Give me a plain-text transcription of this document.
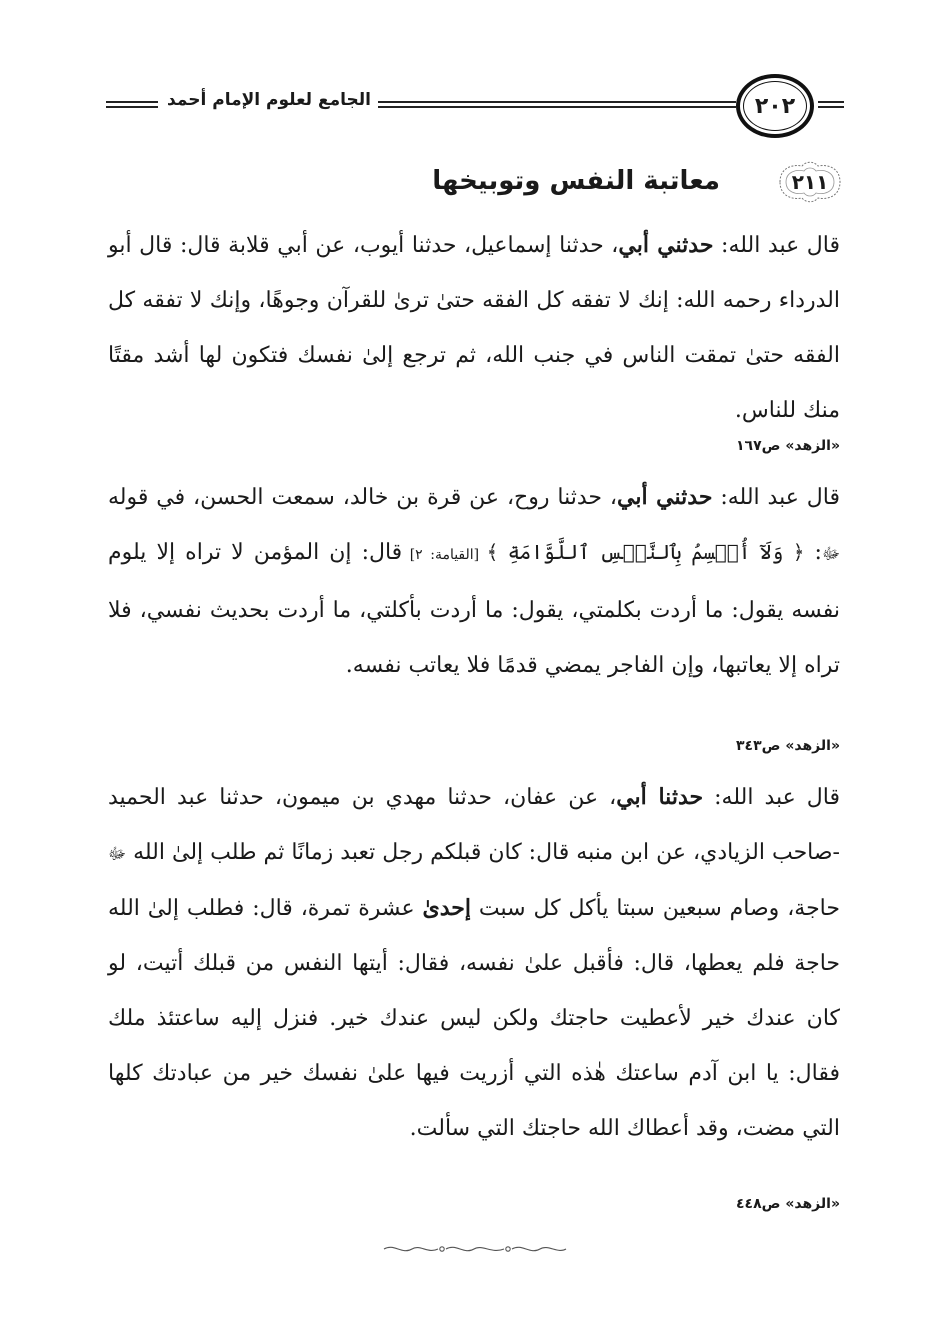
الجامع لعلوم الإمام أحمد	٢٠٢
معاتبة النفس وتوبيخها	٢١١
قال عبد الله: حدثني أبي، حدثنا إسماعيل، حدثنا أيوب، عن أبي قلابة قال: قال أبو الدرداء رحمه الله: إنك لا تفقه كل الفقه حتىٰ ترىٰ للقرآن وجوهًا، وإنك لا تفقه كل الفقه حتىٰ تمقت الناس في جنب الله، ثم ترجع إلىٰ نفسك فتكون لها أشد مقتًا منك للناس.
«الزهد» ص١٦٧
قال عبد الله: حدثني أبي، حدثنا روح، عن قرة بن خالد، سمعت الحسن، في قوله ﷻ: ﴿ وَلَآ أُقۡسِمُ بِٱلنَّفۡسِ ٱللَّوَّامَةِ ﴾ [القيامة: ٢] قال: إن المؤمن لا تراه إلا يلوم نفسه يقول: ما أردت بكلمتي، يقول: ما أردت بأكلتي، ما أردت بحديث نفسي، فلا تراه إلا يعاتبها، وإن الفاجر يمضي قدمًا فلا يعاتب نفسه.
«الزهد» ص٣٤٣
قال عبد الله: حدثنا أبي، عن عفان، حدثنا مهدي بن ميمون، حدثنا عبد الحميد -صاحب الزيادي، عن ابن منبه قال: كان قبلكم رجل تعبد زمانًا ثم طلب إلىٰ الله ﷻ حاجة، وصام سبعين سبتا يأكل كل سبت إحدىٰ عشرة تمرة، قال: فطلب إلىٰ الله حاجة فلم يعطها، قال: فأقبل علىٰ نفسه، فقال: أيتها النفس من قبلك أتيت، لو كان عندك خير لأعطيت حاجتك ولكن ليس عندك خير. فنزل إليه ساعتئذ ملك فقال: يا ابن آدم ساعتك هٰذه التي أزريت فيها علىٰ نفسك خير من عبادتك كلها التي مضت، وقد أعطاك الله حاجتك التي سألت.
«الزهد» ص٤٤٨
